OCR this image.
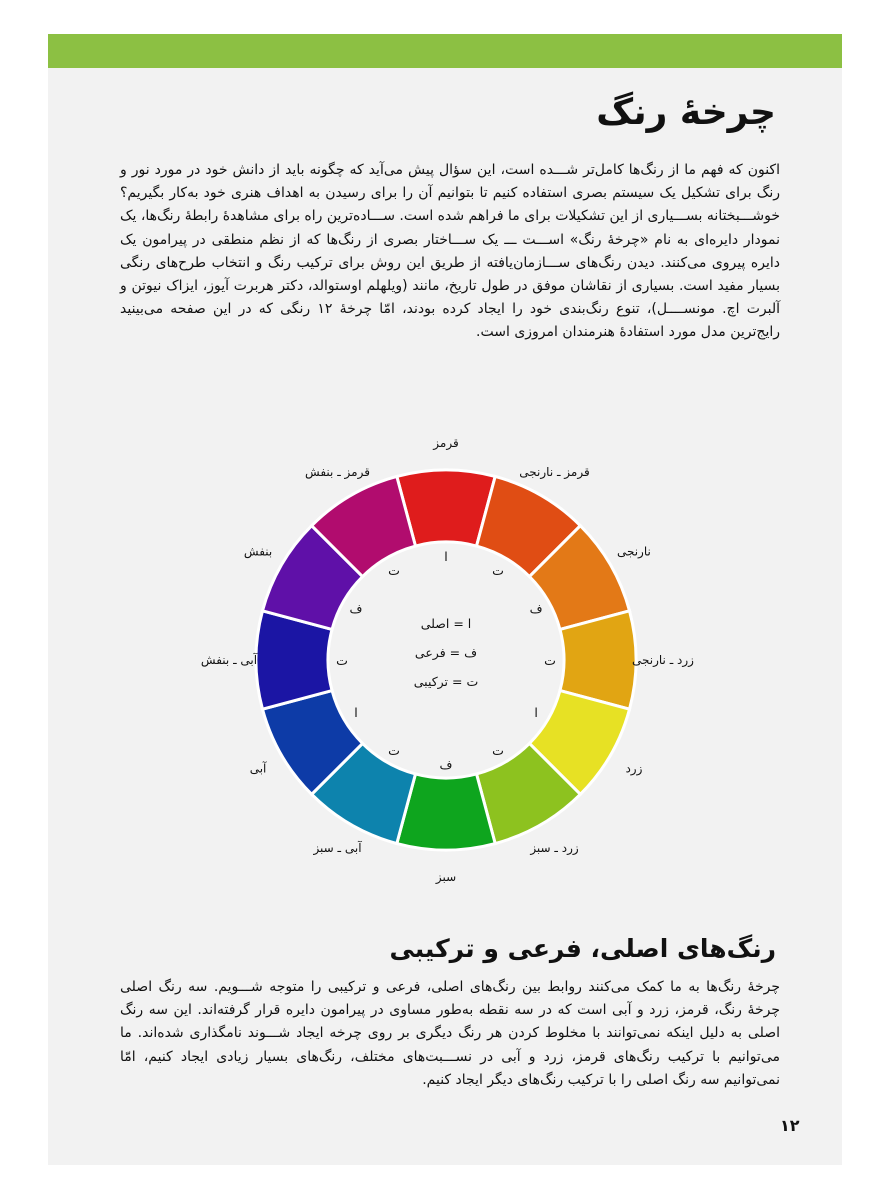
چرخهٔ رنگ

اکنون که فهم ما از رنگ‌ها کامل‌تر شـــده است، این سؤال پیش می‌آید که چگونه باید از دانش خود در مورد نور و رنگ برای تشکیل یک سیستم بصری استفاده کنیم تا بتوانیم آن را برای رسیدن به اهداف هنری خود به‌کار بگیریم؟ خوشـــبختانه بســـیاری از این تشکیلات برای ما فراهم شده است. ســـاده‌ترین راه برای مشاهدهٔ رابطهٔ رنگ‌ها، یک نمودار دایره‌ای به نام «چرخهٔ رنگ» اســـت ـــ یک ســـاختار بصری از رنگ‌ها که از نظم منطقی در پیرامون یک دایره پیروی می‌کنند. دیدن رنگ‌های ســـازمان‌یافته از طریق این روش برای ترکیب رنگ و انتخاب طرح‌های رنگی بسیار مفید است. بسیاری از نقاشان موفق در طول تاریخ، مانند (ویلهلم اوستوالد، دکتر هربرت آیوز، ایزاک نیوتن و آلبرت اچ. مونســــل)، تنوع رنگ‌بندی خود را ایجاد کرده بودند، امّا چرخهٔ ۱۲ رنگی که در این صفحه می‌بینید رایج‌ترین مدل مورد استفادهٔ هنرمندان امروزی است.

رنگ‌های اصلی، فرعی و ترکیبی

چرخهٔ رنگ‌ها به ما کمک می‌کنند روابط بین رنگ‌های اصلی، فرعی و ترکیبی را متوجه شـــویم. سه رنگ اصلی چرخهٔ رنگ، قرمز، زرد و آبی است که در سه نقطه به‌طور مساوی در پیرامون دایره قرار گرفته‌اند. این سه رنگ اصلی به دلیل اینکه نمی‌توانند با مخلوط کردن هر رنگ دیگری بر روی چرخه ایجاد شـــوند نامگذاری شده‌اند. ما می‌توانیم با ترکیب رنگ‌های قرمز، زرد و آبی در نســـبت‌های مختلف، رنگ‌های بسیار زیادی ایجاد کنیم، امّا نمی‌توانیم سه رنگ اصلی را با ترکیب رنگ‌های دیگر ایجاد کنیم.

۱۲
قرمز
قرمز ـ نارنجی
نارنجی
زرد ـ نارنجی
زرد
زرد ـ سبز
سبز
آبی ـ سبز
آبی
آبی ـ بنفش
بنفش
قرمز ـ بنفش
ا
ت
ف
ت
ا
ت
ف
ت
ا
ت
ف
ت
ا = اصلی
ف = فرعی
ت = ترکیبی
